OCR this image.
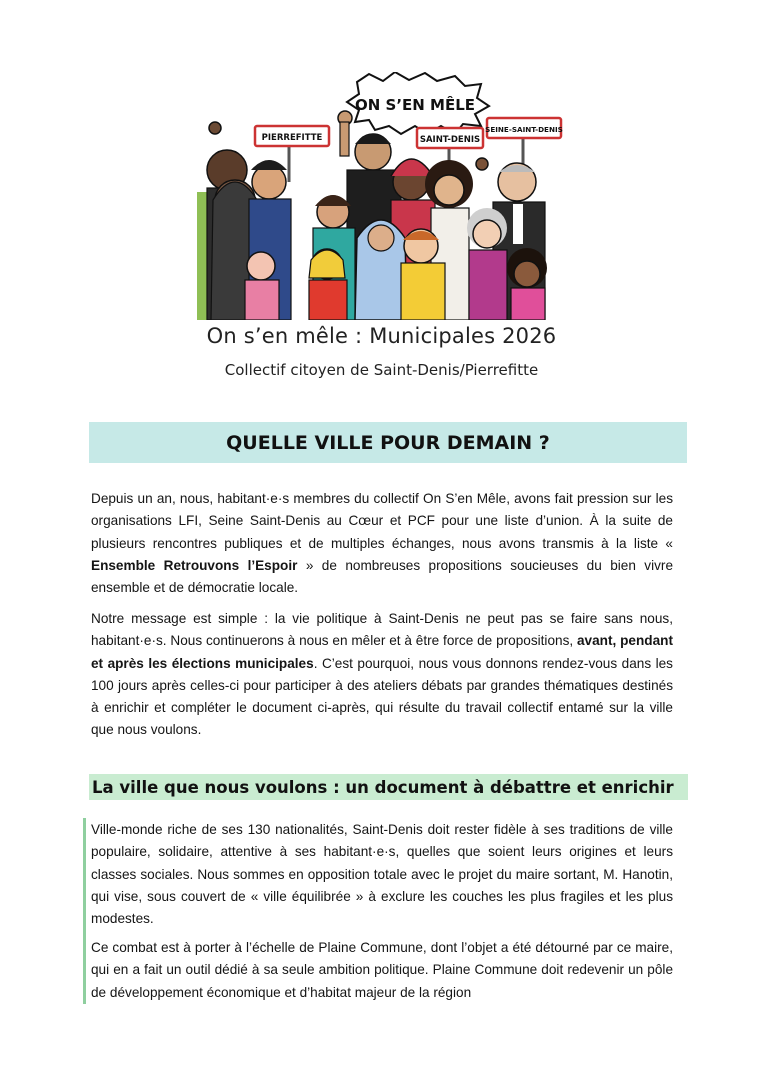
ON S’EN MÊLE
PIERREFITTE	SAINT-DENIS
SEINE-SAINT-DENIS
On s’en mêle : Municipales 2026
Collectif citoyen de Saint-Denis/Pierrefitte
QUELLE VILLE POUR DEMAIN ?

Depuis un an, nous, habitant·e·s membres du collectif On S’en Mêle, avons fait pression sur les organisations LFI, Seine Saint-Denis au Cœur et PCF pour une liste d’union. À la suite de plusieurs rencontres publiques et de multiples échanges, nous avons transmis à la liste « Ensemble Retrouvons l’Espoir » de nombreuses propositions soucieuses du bien vivre ensemble et de démocratie locale.

Notre message est simple : la vie politique à Saint-Denis ne peut pas se faire sans nous, habitant·e·s. Nous continuerons à nous en mêler et à être force de propositions, avant, pendant et après les élections municipales. C’est pourquoi, nous vous donnons rendez-vous dans les 100 jours après celles-ci pour participer à des ateliers débats par grandes thématiques destinés à enrichir et compléter le document ci-après, qui résulte du travail collectif entamé sur la ville que nous voulons.

La ville que nous voulons : un document à débattre et enrichir

Ville-monde riche de ses 130 nationalités, Saint-Denis doit rester fidèle à ses traditions de ville populaire, solidaire, attentive à ses habitant·e·s, quelles que soient leurs origines et leurs classes sociales. Nous sommes en opposition totale avec le projet du maire sortant, M. Hanotin, qui vise, sous couvert de « ville équilibrée » à exclure les couches les plus fragiles et les plus modestes.

Ce combat est à porter à l’échelle de Plaine Commune, dont l’objet a été détourné par ce maire, qui en a fait un outil dédié à sa seule ambition politique. Plaine Commune doit redevenir un pôle de développement économique et d’habitat majeur de la région
